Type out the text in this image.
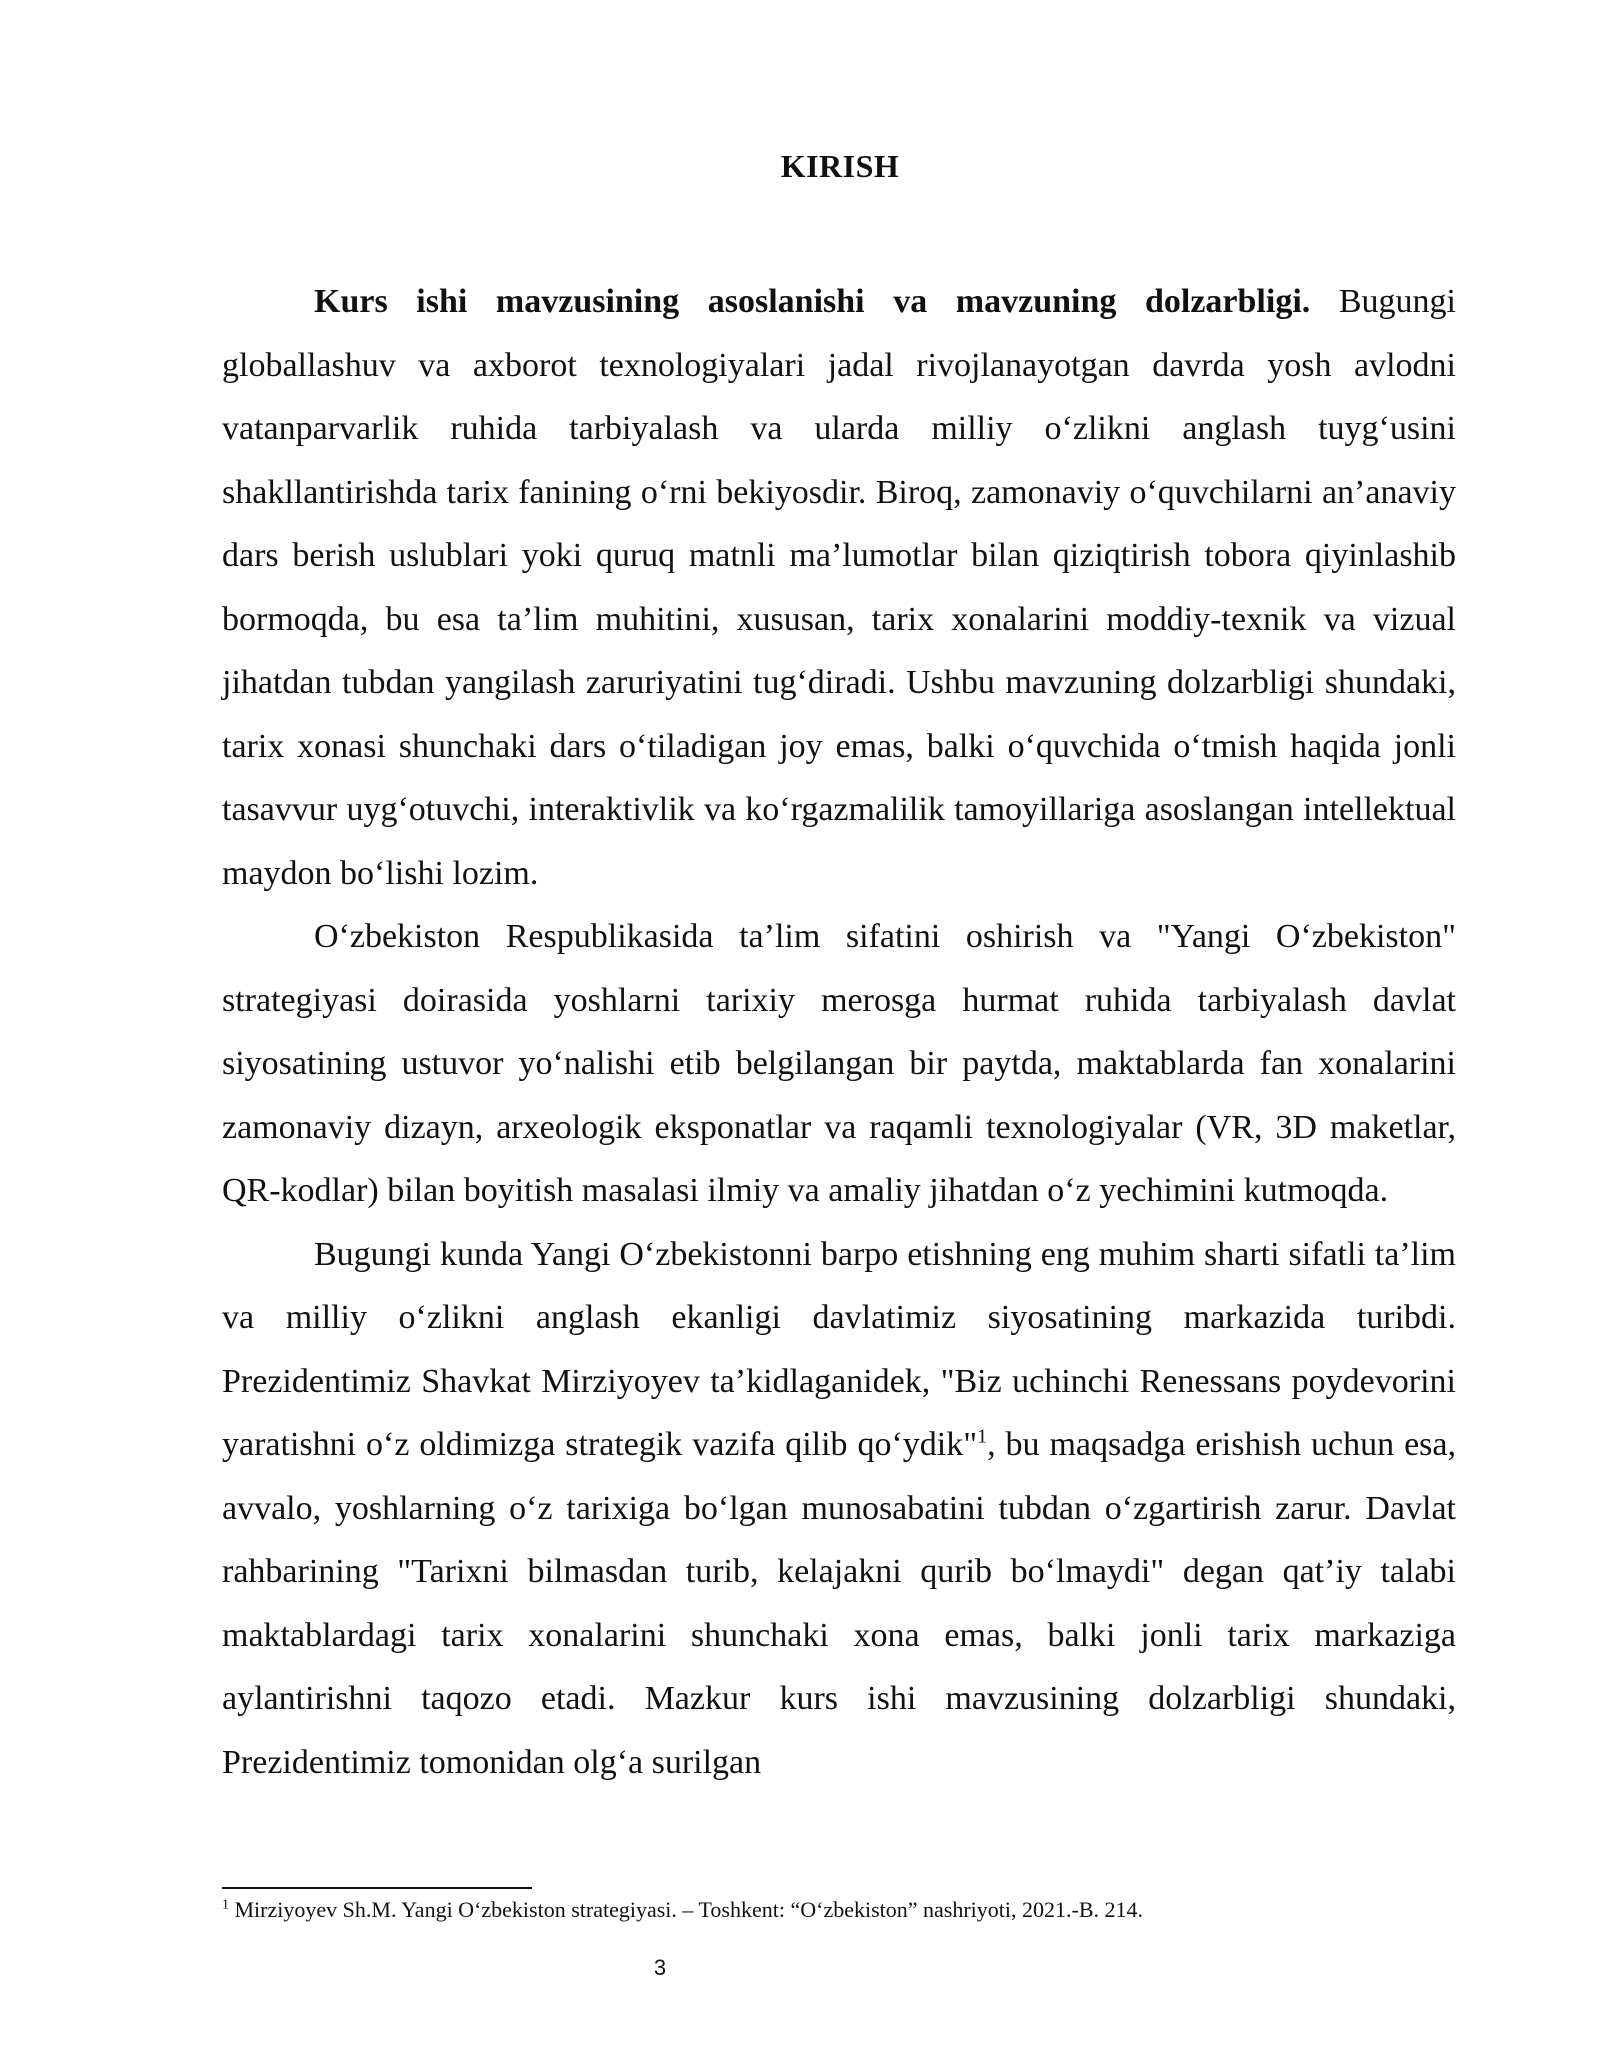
KIRISH

Kurs ishi mavzusining asoslanishi va mavzuning dolzarbligi. Bugungi globallashuv va axborot texnologiyalari jadal rivojlanayotgan davrda yosh avlodni vatanparvarlik ruhida tarbiyalash va ularda milliy o‘zlikni anglash tuyg‘usini shakllantirishda tarix fanining o‘rni bekiyosdir. Biroq, zamonaviy o‘quvchilarni an’anaviy dars berish uslublari yoki quruq matnli ma’lumotlar bilan qiziqtirish tobora qiyinlashib bormoqda, bu esa ta’lim muhitini, xususan, tarix xonalarini moddiy-texnik va vizual jihatdan tubdan yangilash zaruriyatini tug‘diradi. Ushbu mavzuning dolzarbligi shundaki, tarix xonasi shunchaki dars o‘tiladigan joy emas, balki o‘quvchida o‘tmish haqida jonli tasavvur uyg‘otuvchi, interaktivlik va ko‘rgazmalilik tamoyillariga asoslangan intellektual maydon bo‘lishi lozim.

O‘zbekiston Respublikasida ta’lim sifatini oshirish va "Yangi O‘zbekiston" strategiyasi doirasida yoshlarni tarixiy merosga hurmat ruhida tarbiyalash davlat siyosatining ustuvor yo‘nalishi etib belgilangan bir paytda, maktablarda fan xonalarini zamonaviy dizayn, arxeologik eksponatlar va raqamli texnologiyalar (VR, 3D maketlar, QR-kodlar) bilan boyitish masalasi ilmiy va amaliy jihatdan o‘z yechimini kutmoqda.

Bugungi kunda Yangi O‘zbekistonni barpo etishning eng muhim sharti sifatli ta’lim va milliy o‘zlikni anglash ekanligi davlatimiz siyosatining markazida turibdi. Prezidentimiz Shavkat Mirziyoyev ta’kidlaganidek, "Biz uchinchi Renessans poydevorini yaratishni o‘z oldimizga strategik vazifa qilib qo‘ydik"$^1$, bu maqsadga erishish uchun esa, avvalo, yoshlarning o‘z tarixiga bo‘lgan munosabatini tubdan o‘zgartirish zarur. Davlat rahbarining "Tarixni bilmasdan turib, kelajakni qurib bo‘lmaydi" degan qat’iy talabi maktablardagi tarix xonalarini shunchaki xona emas, balki jonli tarix markaziga aylantirishni taqozo etadi. Mazkur kurs ishi mavzusining dolzarbligi shundaki, Prezidentimiz tomonidan olg‘a surilgan

$^1$ Mirziyoyev Sh.M. Yangi O‘zbekiston strategiyasi. – Toshkent: “O‘zbekiston” nashriyoti, 2021.-B. 214.
3
